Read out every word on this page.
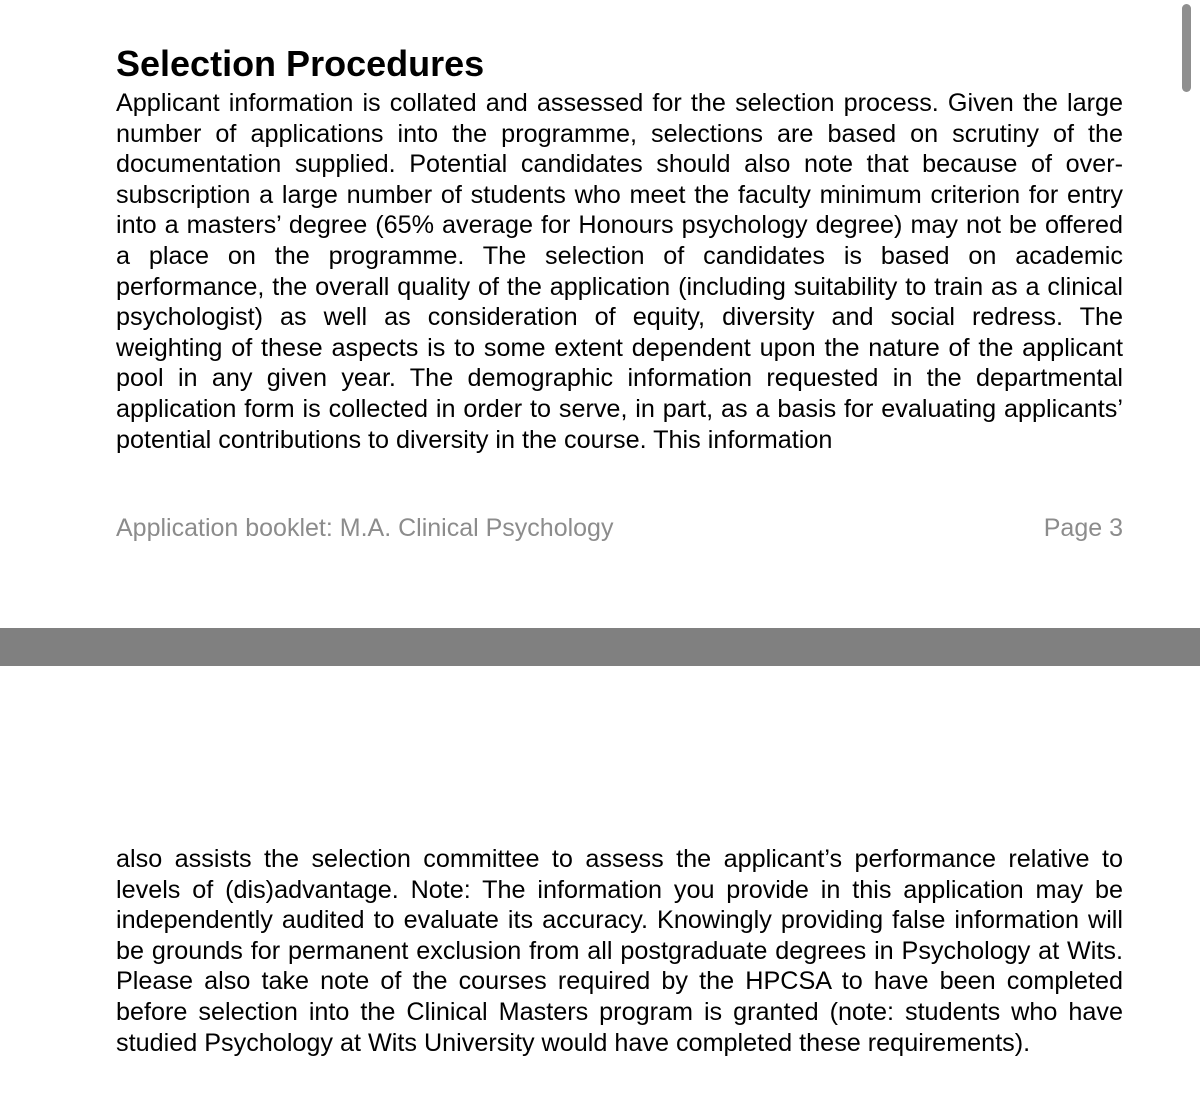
Selection Procedures

Applicant information is collated and assessed for the selection process. Given the large number of applications into the programme, selections are based on scrutiny of the documentation supplied. Potential candidates should also note that because of over-subscription a large number of students who meet the faculty minimum criterion for entry into a masters’ degree (65% average for Honours psychology degree) may not be offered a place on the programme. The selection of candidates is based on academic performance, the overall quality of the application (including suitability to train as a clinical psychologist) as well as consideration of equity, diversity and social redress. The weighting of these aspects is to some extent dependent upon the nature of the applicant pool in any given year. The demographic information requested in the departmental application form is collected in order to serve, in part, as a basis for evaluating applicants’ potential contributions to diversity in the course. This information

Application booklet: M.A. Clinical Psychology	Page 3

also assists the selection committee to assess the applicant’s performance relative to levels of (dis)advantage. Note: The information you provide in this application may be independently audited to evaluate its accuracy. Knowingly providing false information will be grounds for permanent exclusion from all postgraduate degrees in Psychology at Wits. Please also take note of the courses required by the HPCSA to have been completed before selection into the Clinical Masters program is granted (note: students who have studied Psychology at Wits University would have completed these requirements).
